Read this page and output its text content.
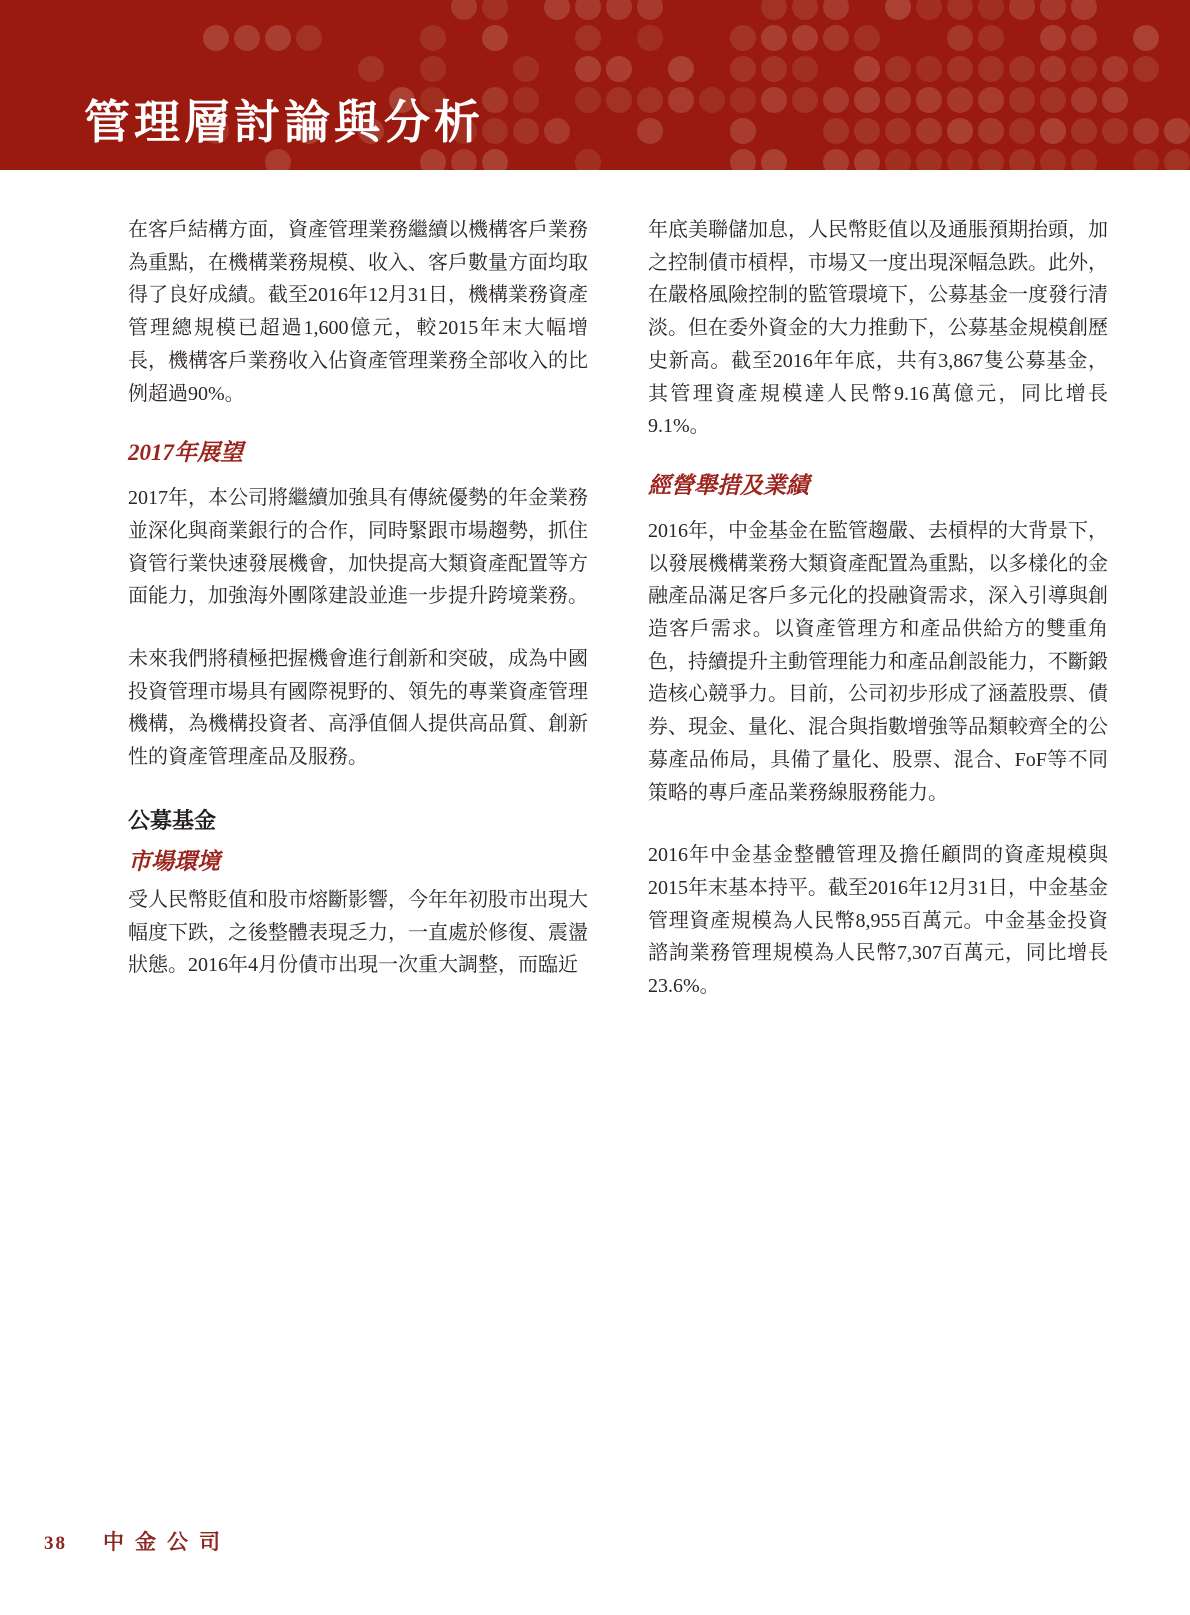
管理層討論與分析

在客戶結構方面，資產管理業務繼續以機構客戶業務為重點，在機構業務規模、收入、客戶數量方面均取得了良好成績。截至2016年12月31日，機構業務資產管理總規模已超過1,600億元，較2015年末大幅增長，機構客戶業務收入佔資產管理業務全部收入的比例超過90%。

2017年展望

2017年，本公司將繼續加強具有傳統優勢的年金業務並深化與商業銀行的合作，同時緊跟市場趨勢，抓住資管行業快速發展機會，加快提高大類資產配置等方面能力，加強海外團隊建設並進一步提升跨境業務。

未來我們將積極把握機會進行創新和突破，成為中國投資管理市場具有國際視野的、領先的專業資產管理機構，為機構投資者、高淨值個人提供高品質、創新性的資產管理產品及服務。

公募基金
市場環境

受人民幣貶值和股市熔斷影響，今年年初股市出現大幅度下跌，之後整體表現乏力，一直處於修復、震盪狀態。2016年4月份債市出現一次重大調整，而臨近

年底美聯儲加息，人民幣貶值以及通脹預期抬頭，加之控制債市槓桿，市場又一度出現深幅急跌。此外，在嚴格風險控制的監管環境下，公募基金一度發行清淡。但在委外資金的大力推動下，公募基金規模創歷史新高。截至2016年年底，共有3,867隻公募基金，其管理資產規模達人民幣9.16萬億元，同比增長9.1%。

經營舉措及業績

2016年，中金基金在監管趨嚴、去槓桿的大背景下，以發展機構業務大類資產配置為重點，以多樣化的金融產品滿足客戶多元化的投融資需求，深入引導與創造客戶需求。以資產管理方和產品供給方的雙重角色，持續提升主動管理能力和產品創設能力，不斷鍛造核心競爭力。目前，公司初步形成了涵蓋股票、債券、現金、量化、混合與指數增強等品類較齊全的公募產品佈局，具備了量化、股票、混合、FoF等不同策略的專戶產品業務線服務能力。

2016年中金基金整體管理及擔任顧問的資產規模與2015年末基本持平。截至2016年12月31日，中金基金管理資產規模為人民幣8,955百萬元。中金基金投資諮詢業務管理規模為人民幣7,307百萬元，同比增長23.6%。

38 中金公司
